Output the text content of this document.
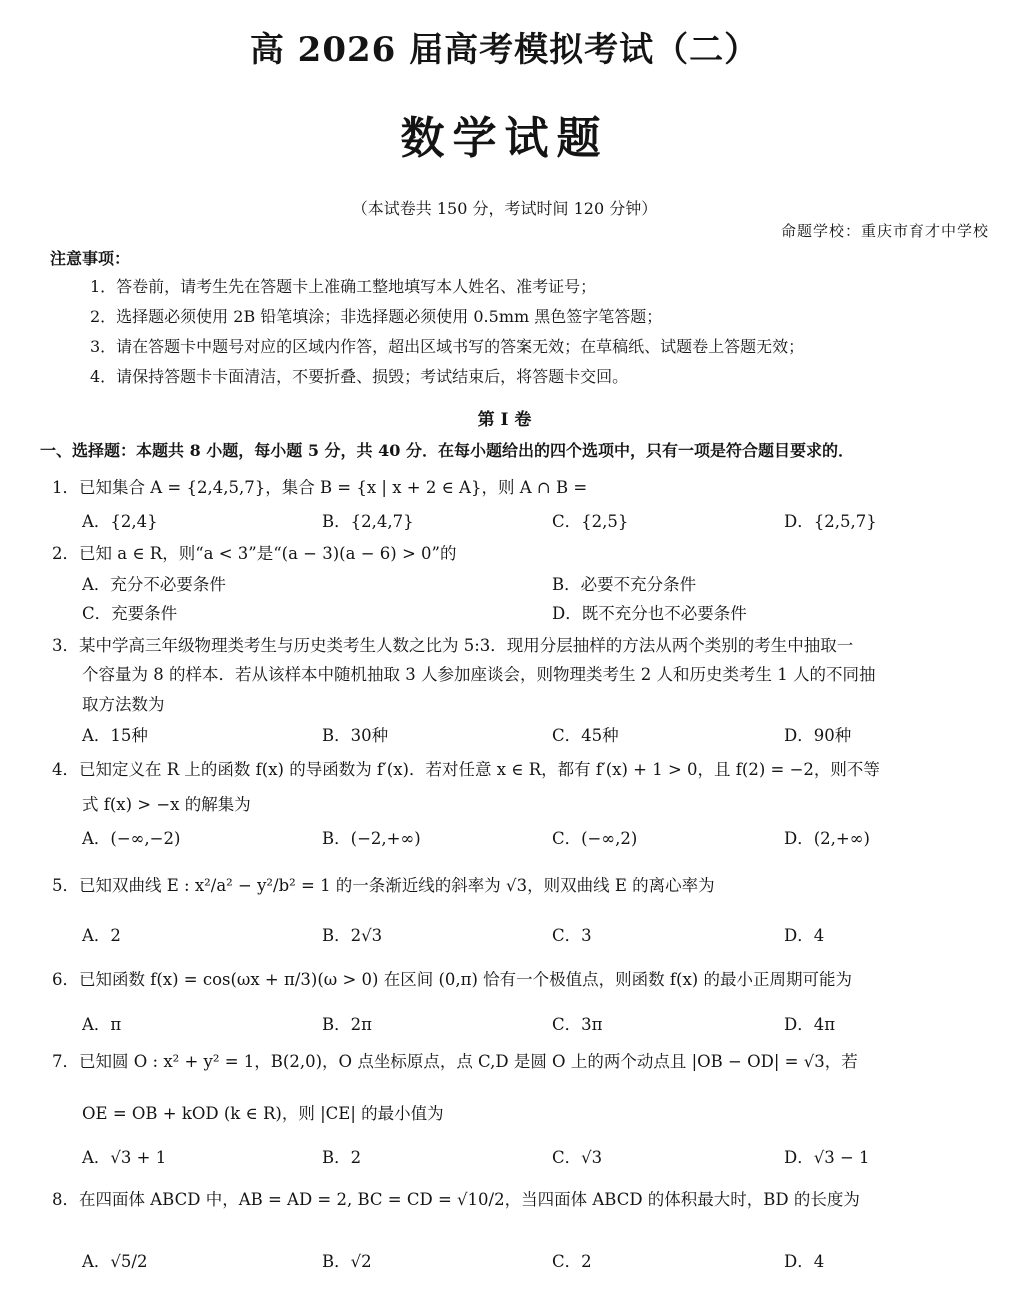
高 2026 届高考模拟考试（二）
数学试题
（本试卷共 150 分，考试时间 120 分钟）
命题学校：重庆市育才中学校
注意事项：
1．答卷前，请考生先在答题卡上准确工整地填写本人姓名、准考证号；
2．选择题必须使用 2B 铅笔填涂；非选择题必须使用 0.5mm 黑色签字笔答题；
3．请在答题卡中题号对应的区域内作答，超出区域书写的答案无效；在草稿纸、试题卷上答题无效；
4．请保持答题卡卡面清洁，不要折叠、损毁；考试结束后，将答题卡交回。
第 I 卷
一、选择题：本题共 8 小题，每小题 5 分，共 40 分．在每小题给出的四个选项中，只有一项是符合题目要求的．
1．已知集合 A = {2,4,5,7}，集合 B = {x | x + 2 ∈ A}，则 A ∩ B =
A．{2,4}	B．{2,4,7}	C．{2,5}	D．{2,5,7}
2．已知 a ∈ R，则“a < 3”是“(a − 3)(a − 6) > 0”的
A．充分不必要条件	B．必要不充分条件
C．充要条件	D．既不充分也不必要条件
3．某中学高三年级物理类考生与历史类考生人数之比为 5:3．现用分层抽样的方法从两个类别的考生中抽取一
个容量为 8 的样本．若从该样本中随机抽取 3 人参加座谈会，则物理类考生 2 人和历史类考生 1 人的不同抽
取方法数为
A．15种	B．30种	C．45种	D．90种
4．已知定义在 R 上的函数 f(x) 的导函数为 f′(x)．若对任意 x ∈ R，都有 f′(x) + 1 > 0，且 f(2) = −2，则不等
式 f(x) > −x 的解集为
A．(−∞,−2)	B．(−2,+∞)	C．(−∞,2)	D．(2,+∞)
5．已知双曲线 E : x²/a² − y²/b² = 1 的一条渐近线的斜率为 √3，则双曲线 E 的离心率为
A．2	B．2√3	C．3	D．4
6．已知函数 f(x) = cos(ωx + π/3)(ω > 0) 在区间 (0,π) 恰有一个极值点，则函数 f(x) 的最小正周期可能为
A．π	B．2π	C．3π	D．4π
7．已知圆 O : x² + y² = 1，B(2,0)，O 点坐标原点，点 C,D 是圆 O 上的两个动点且 |OB − OD| = √3，若
OE = OB + kOD (k ∈ R)，则 |CE| 的最小值为
A．√3 + 1	B．2	C．√3	D．√3 − 1
8．在四面体 ABCD 中，AB = AD = 2, BC = CD = √10/2，当四面体 ABCD 的体积最大时，BD 的长度为
A．√5/2	B．√2	C．2	D．4
